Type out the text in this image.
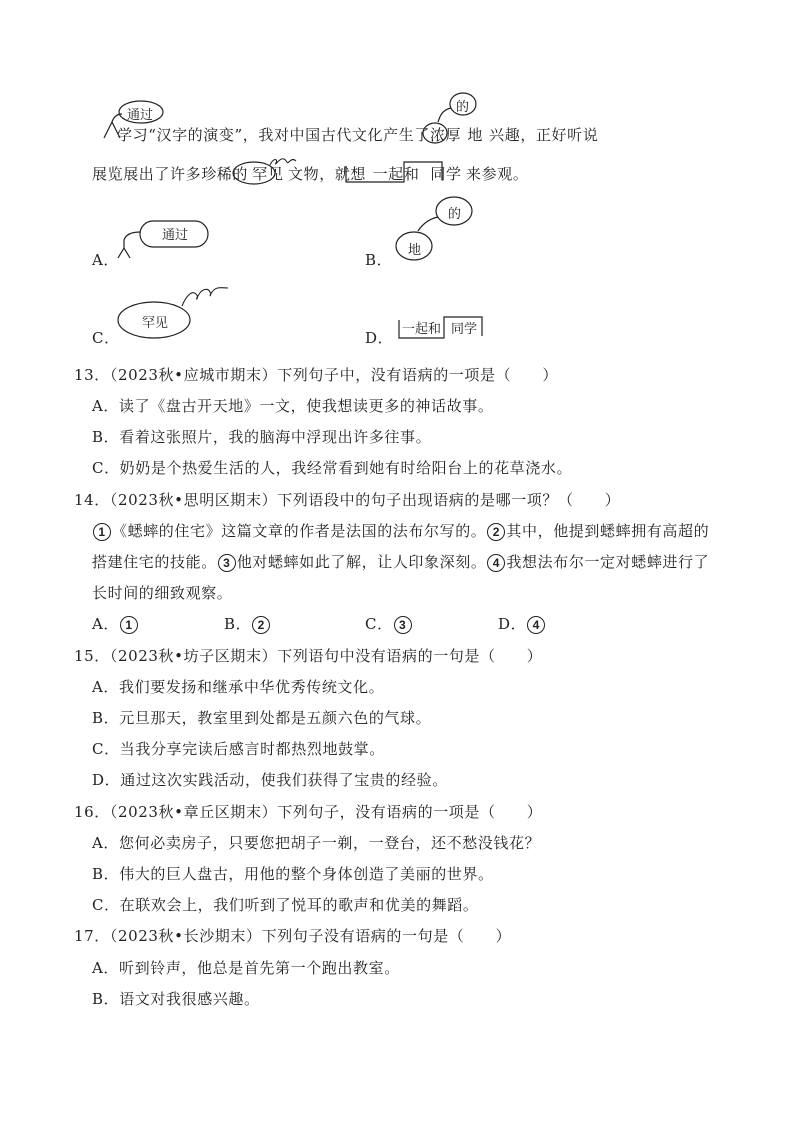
通过
的
学习“汉字的演变”，我对中国古代文化产生了浓厚 地 兴趣，正好听说
展览展出了许多珍稀的 罕见 文物，就想 一起和 同学 来参观。
A．
通过
B．
的
地
C．
罕见
D． 一起和 同学
13．（2023秋•应城市期末）下列句子中，没有语病的一项是（　　）
A．读了《盘古开天地》一文，使我想读更多的神话故事。
B．看着这张照片，我的脑海中浮现出许多往事。
C．奶奶是个热爱生活的人，我经常看到她有时给阳台上的花草浇水。
14．（2023秋•思明区期末）下列语段中的句子出现语病的是哪一项？（　　）
1 《蟋蟀的住宅》这篇文章的作者是法国的法布尔写的。 2 其中，他提到蟋蟀拥有高超的
搭建住宅的技能。 3 他对蟋蟀如此了解，让人印象深刻。 4 我想法布尔一定对蟋蟀进行了
长时间的细致观察。
A． 1	B． 2	C． 3	D． 4
15．（2023秋•坊子区期末）下列语句中没有语病的一句是（　　）
A．我们要发扬和继承中华优秀传统文化。
B．元旦那天，教室里到处都是五颜六色的气球。
C．当我分享完读后感言时都热烈地鼓掌。
D．通过这次实践活动，使我们获得了宝贵的经验。
16．（2023秋•章丘区期末）下列句子，没有语病的一项是（　　）
A．您何必卖房子，只要您把胡子一剃，一登台，还不愁没钱花？
B．伟大的巨人盘古，用他的整个身体创造了美丽的世界。
C．在联欢会上，我们听到了悦耳的歌声和优美的舞蹈。
17．（2023秋•长沙期末）下列句子没有语病的一句是（　　）
A．听到铃声，他总是首先第一个跑出教室。
B．语文对我很感兴趣。
